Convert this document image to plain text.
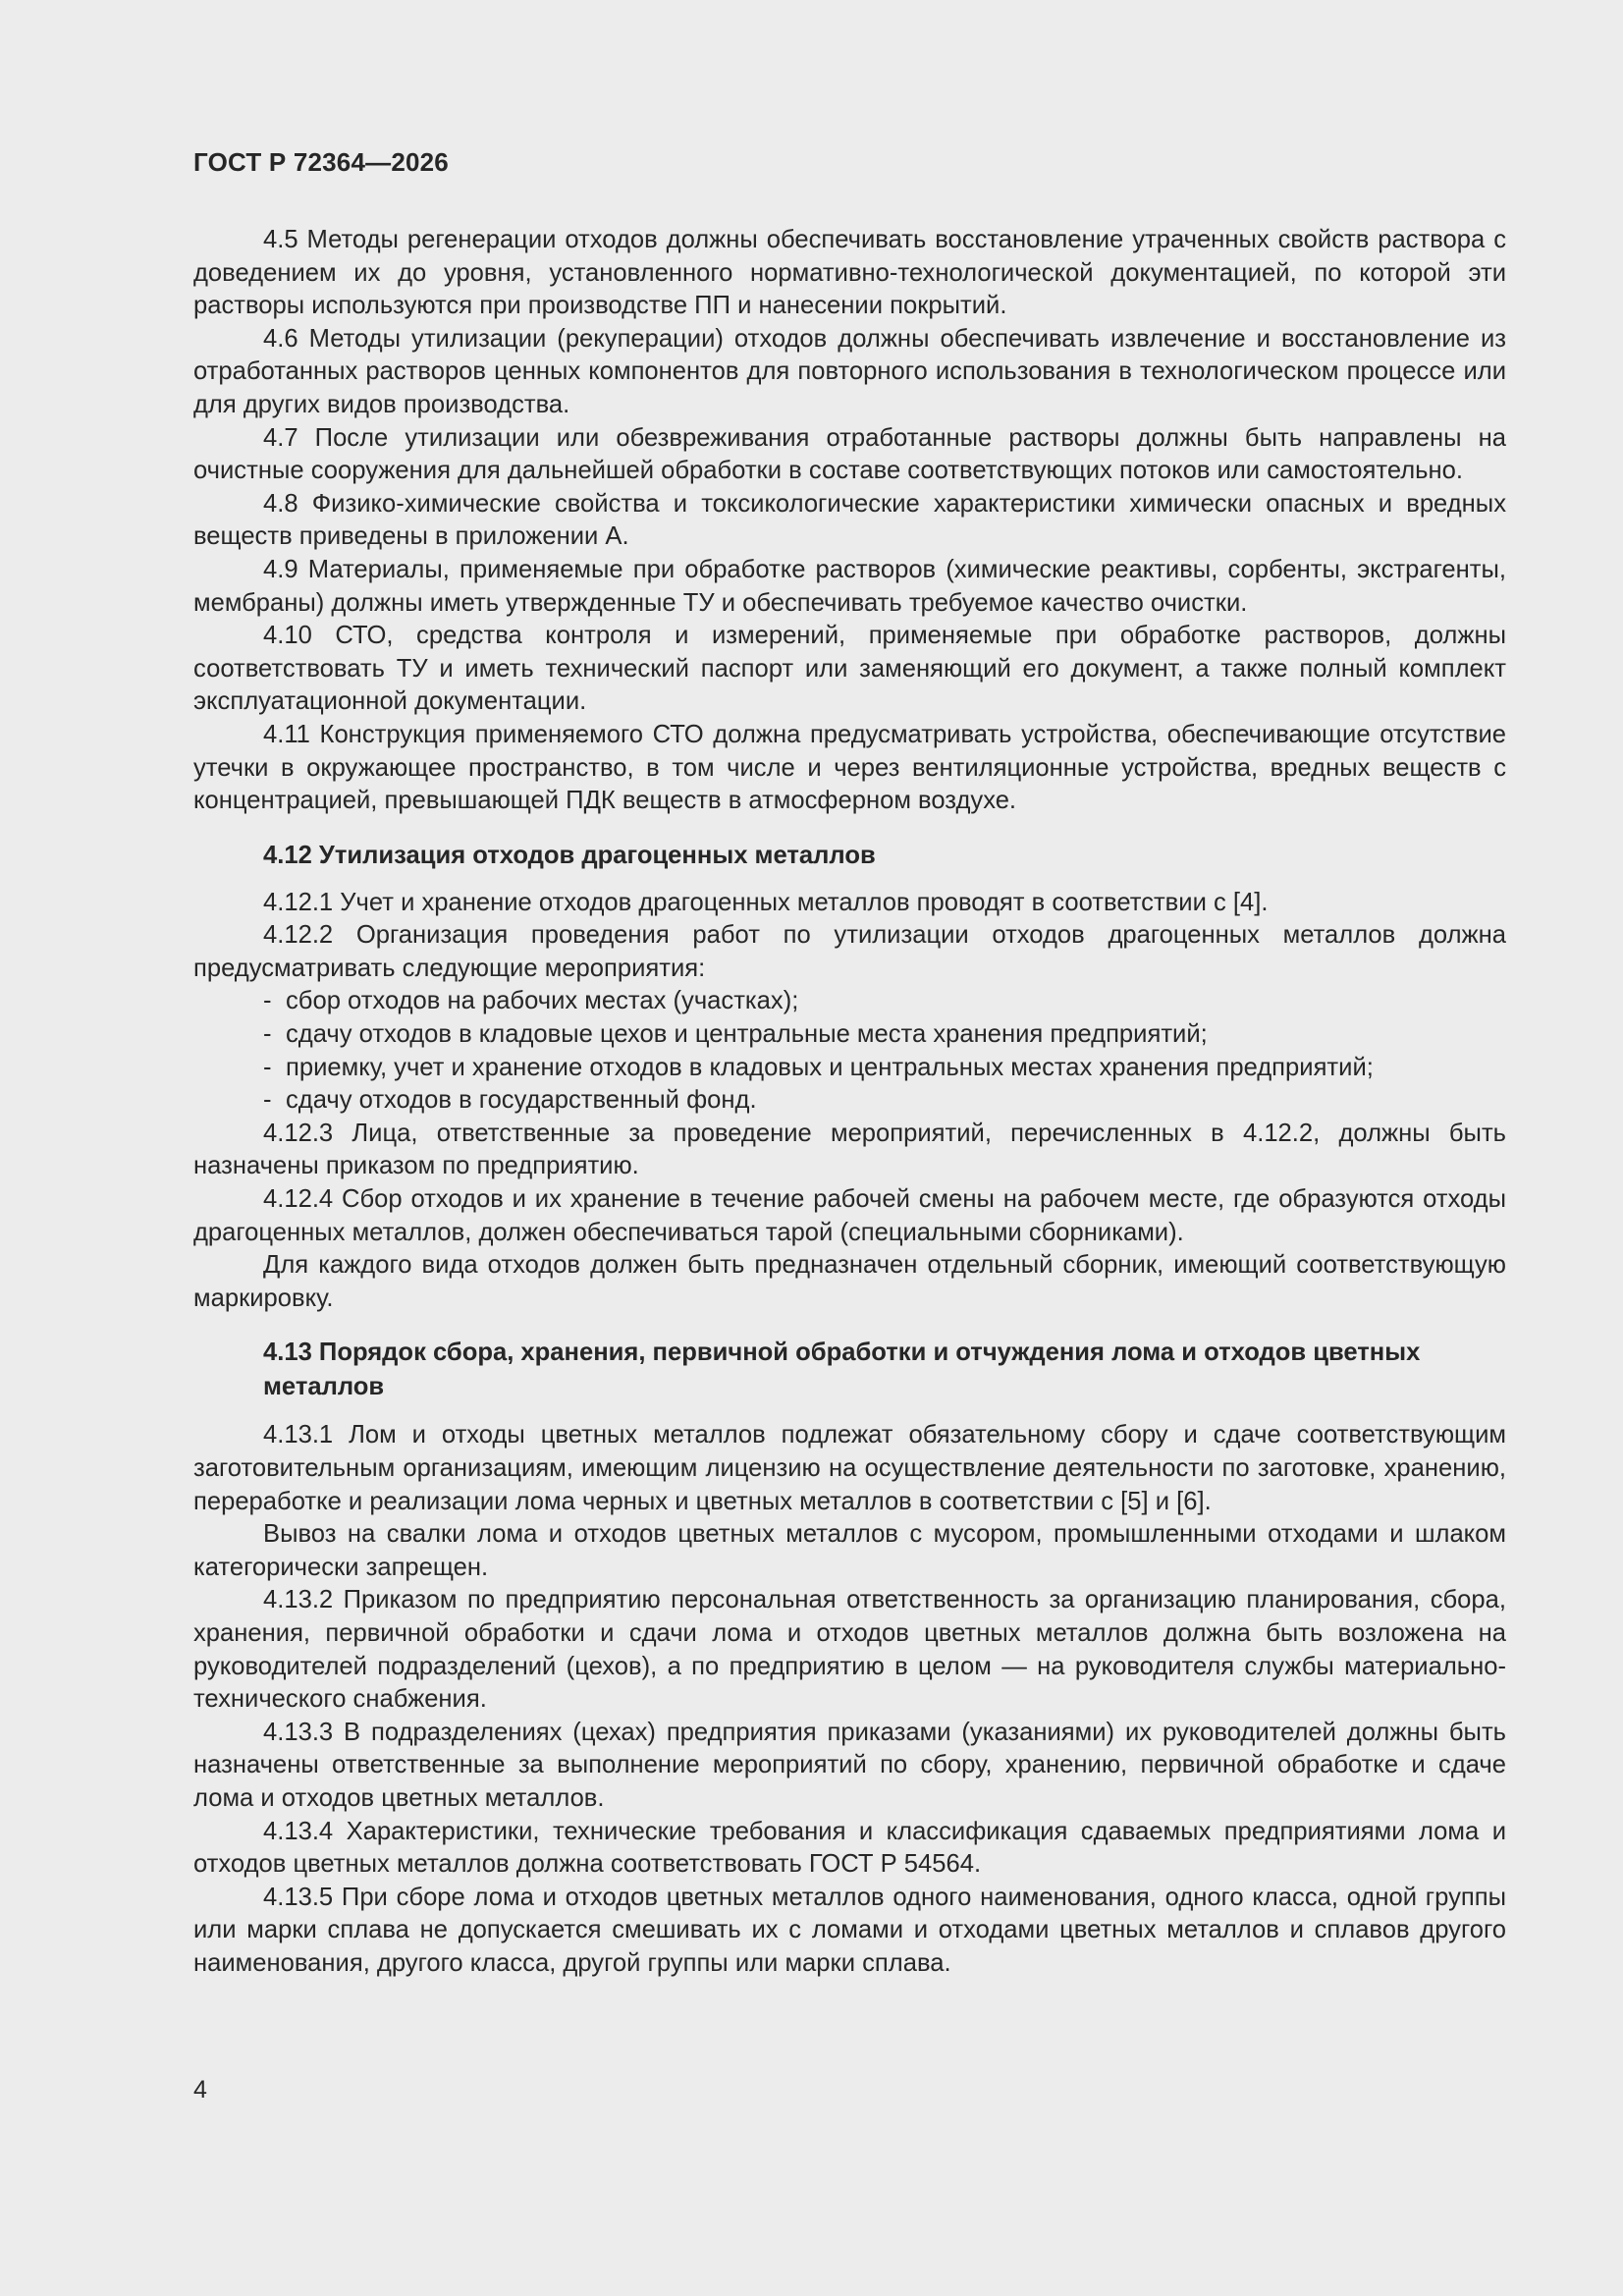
ГОСТ Р 72364—2026

4.5 Методы регенерации отходов должны обеспечивать восстановление утраченных свойств раствора с доведением их до уровня, установленного нормативно-технологической документацией, по которой эти растворы используются при производстве ПП и нанесении покрытий.

4.6 Методы утилизации (рекуперации) отходов должны обеспечивать извлечение и восстановление из отработанных растворов ценных компонентов для повторного использования в технологическом процессе или для других видов производства.

4.7 После утилизации или обезвреживания отработанные растворы должны быть направлены на очистные сооружения для дальнейшей обработки в составе соответствующих потоков или самостоятельно.

4.8 Физико-химические свойства и токсикологические характеристики химически опасных и вредных веществ приведены в приложении А.

4.9 Материалы, применяемые при обработке растворов (химические реактивы, сорбенты, экстрагенты, мембраны) должны иметь утвержденные ТУ и обеспечивать требуемое качество очистки.

4.10 СТО, средства контроля и измерений, применяемые при обработке растворов, должны соответствовать ТУ и иметь технический паспорт или заменяющий его документ, а также полный комплект эксплуатационной документации.

4.11 Конструкция применяемого СТО должна предусматривать устройства, обеспечивающие отсутствие утечки в окружающее пространство, в том числе и через вентиляционные устройства, вредных веществ с концентрацией, превышающей ПДК веществ в атмосферном воздухе.

4.12 Утилизация отходов драгоценных металлов

4.12.1 Учет и хранение отходов драгоценных металлов проводят в соответствии с [4].

4.12.2 Организация проведения работ по утилизации отходов драгоценных металлов должна предусматривать следующие мероприятия:

- сбор отходов на рабочих местах (участках);
- сдачу отходов в кладовые цехов и центральные места хранения предприятий;
- приемку, учет и хранение отходов в кладовых и центральных местах хранения предприятий;
- сдачу отходов в государственный фонд.

4.12.3 Лица, ответственные за проведение мероприятий, перечисленных в 4.12.2, должны быть назначены приказом по предприятию.

4.12.4 Сбор отходов и их хранение в течение рабочей смены на рабочем месте, где образуются отходы драгоценных металлов, должен обеспечиваться тарой (специальными сборниками).

Для каждого вида отходов должен быть предназначен отдельный сборник, имеющий соответствующую маркировку.

4.13 Порядок сбора, хранения, первичной обработки и отчуждения лома и отходов цветных металлов

4.13.1 Лом и отходы цветных металлов подлежат обязательному сбору и сдаче соответствующим заготовительным организациям, имеющим лицензию на осуществление деятельности по заготовке, хранению, переработке и реализации лома черных и цветных металлов в соответствии с [5] и [6].

Вывоз на свалки лома и отходов цветных металлов с мусором, промышленными отходами и шлаком категорически запрещен.

4.13.2 Приказом по предприятию персональная ответственность за организацию планирования, сбора, хранения, первичной обработки и сдачи лома и отходов цветных металлов должна быть возложена на руководителей подразделений (цехов), а по предприятию в целом — на руководителя службы материально-технического снабжения.

4.13.3 В подразделениях (цехах) предприятия приказами (указаниями) их руководителей должны быть назначены ответственные за выполнение мероприятий по сбору, хранению, первичной обработке и сдаче лома и отходов цветных металлов.

4.13.4 Характеристики, технические требования и классификация сдаваемых предприятиями лома и отходов цветных металлов должна соответствовать ГОСТ Р 54564.

4.13.5 При сборе лома и отходов цветных металлов одного наименования, одного класса, одной группы или марки сплава не допускается смешивать их с ломами и отходами цветных металлов и сплавов другого наименования, другого класса, другой группы или марки сплава.

4
